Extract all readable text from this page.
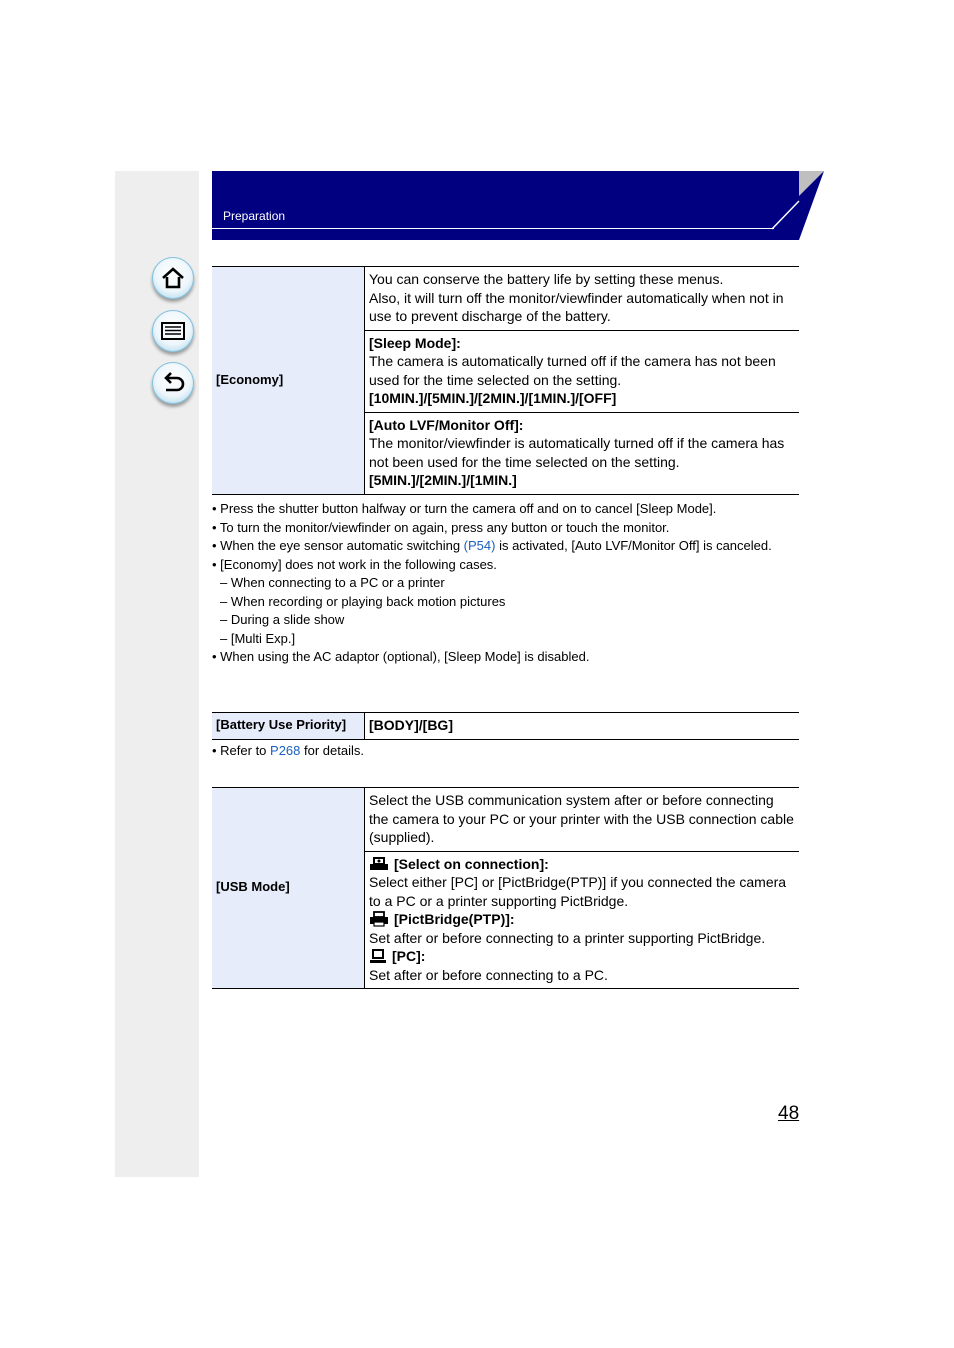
Preparation
[Economy]	
You can conserve the battery life by setting these menus.
Also, it will turn off the monitor/viewfinder automatically when not in use to prevent discharge of the battery.

[Sleep Mode]:
The camera is automatically turned off if the camera has not been used for the time selected on the setting.
[10MIN.]/[5MIN.]/[2MIN.]/[1MIN.]/[OFF]

[Auto LVF/Monitor Off]:
The monitor/viewfinder is automatically turned off if the camera has not been used for the time selected on the setting.
[5MIN.]/[2MIN.]/[1MIN.]
• Press the shutter button halfway or turn the camera off and on to cancel [Sleep Mode].
• To turn the monitor/viewfinder on again, press any button or touch the monitor.
• When the eye sensor automatic switching (P54) is activated, [Auto LVF/Monitor Off] is canceled.
• [Economy] does not work in the following cases.
– When connecting to a PC or a printer
– When recording or playing back motion pictures
– During a slide show
– [Multi Exp.]
• When using the AC adaptor (optional), [Sleep Mode] is disabled.
[Battery Use Priority]	[BODY]/[BG]
• Refer to P268 for details.
[USB Mode]	Select the USB communication system after or before connecting the camera to your PC or your printer with the USB connection cable (supplied).

[Select on connection]:
Select either [PC] or [PictBridge(PTP)] if you connected the camera to a PC or a printer supporting PictBridge.
[PictBridge(PTP)]:
Set after or before connecting to a printer supporting PictBridge.
[PC]:
Set after or before connecting to a PC.
48
